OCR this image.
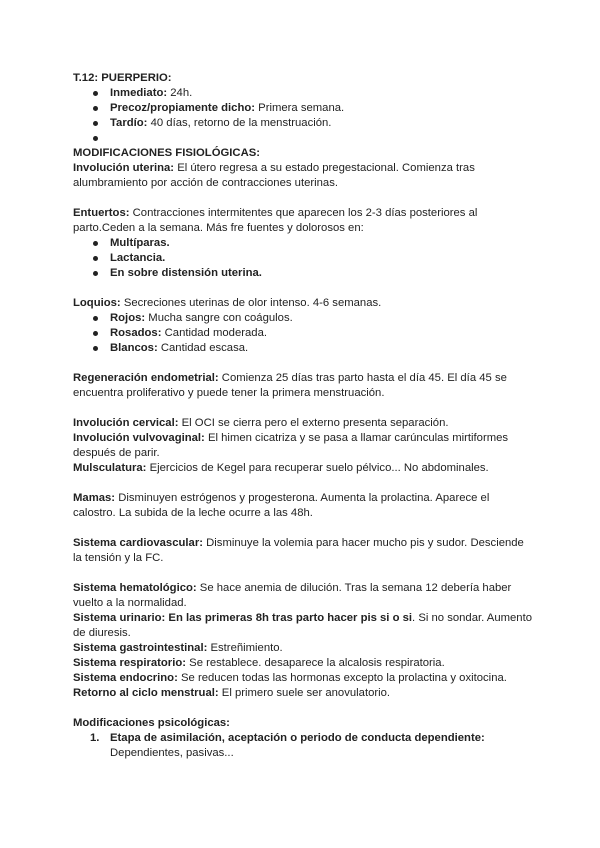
T.12: PUERPERIO:

Inmediato: 24h.
Precoz/propiamente dicho: Primera semana.
Tardío: 40 días, retorno de la menstruación.

MODIFICACIONES FISIOLÓGICAS:

Involución uterina: El útero regresa a su estado pregestacional. Comienza tras alumbramiento por acción de contracciones uterinas.

Entuertos: Contracciones intermitentes que aparecen los 2-3 días posteriores al parto.Ceden a la semana. Más fre fuentes y dolorosos en:

Multíparas.
Lactancia.
En sobre distensión uterina.

Loquios: Secreciones uterinas de olor intenso. 4-6 semanas.

Rojos: Mucha sangre con coágulos.
Rosados: Cantidad moderada.
Blancos: Cantidad escasa.

Regeneración endometrial: Comienza 25 días tras parto hasta el día 45. El día 45 se encuentra proliferativo y puede tener la primera menstruación.

Involución cervical: El OCI se cierra pero el externo presenta separación.

Involución vulvovaginal: El himen cicatriza y se pasa a llamar carúnculas mirtiformes después de parir.

Mulsculatura: Ejercicios de Kegel para recuperar suelo pélvico... No abdominales.

Mamas: Disminuyen estrógenos y progesterona. Aumenta la prolactina. Aparece el calostro. La subida de la leche ocurre a las 48h.

Sistema cardiovascular: Disminuye la volemia para hacer mucho pis y sudor. Desciende la tensión y la FC.

Sistema hematológico: Se hace anemia de dilución. Tras la semana 12 debería haber vuelto a la normalidad.

Sistema urinario: En las primeras 8h tras parto hacer pis si o si. Si no sondar. Aumento de diuresis.

Sistema gastrointestinal: Estreñimiento.

Sistema respiratorio: Se restablece. desaparece la alcalosis respiratoria.

Sistema endocrino: Se reducen todas las hormonas excepto la prolactina y oxitocina.

Retorno al ciclo menstrual: El primero suele ser anovulatorio.

Modificaciones psicológicas:

1. Etapa de asimilación, aceptación o periodo de conducta dependiente:
Dependientes, pasivas...
